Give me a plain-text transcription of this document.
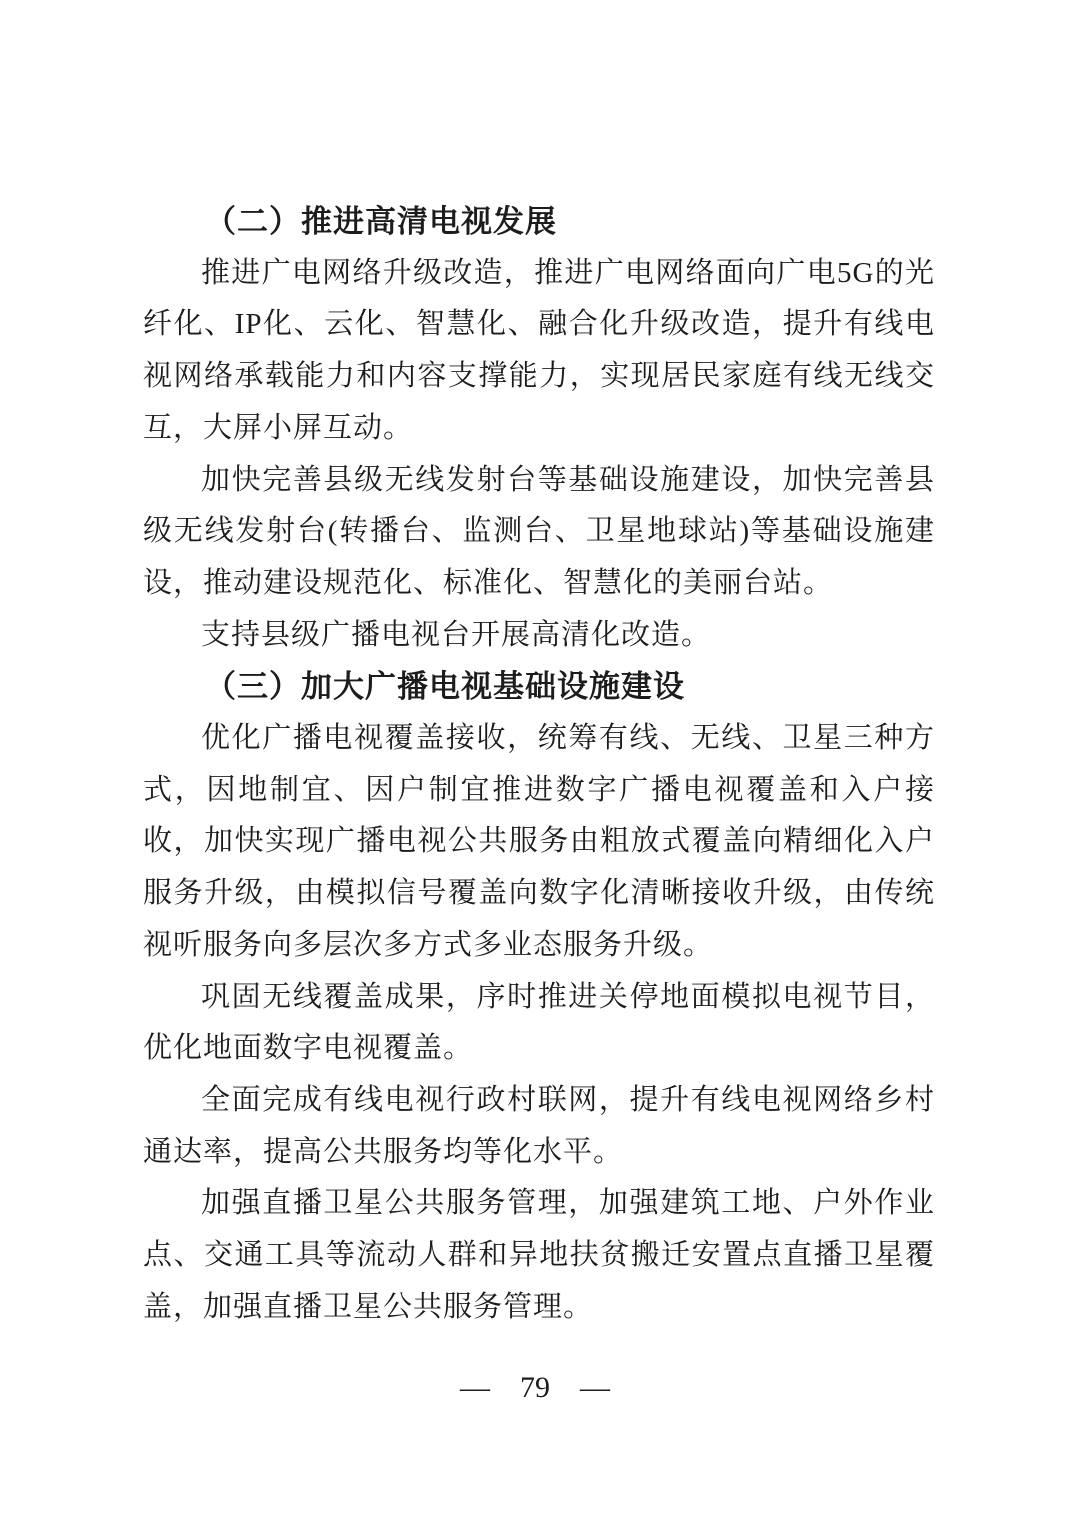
（二）推进高清电视发展

推进广电网络升级改造，推进广电网络面向广电5G的光纤化、IP化、云化、智慧化、融合化升级改造，提升有线电视网络承载能力和内容支撑能力，实现居民家庭有线无线交互，大屏小屏互动。

加快完善县级无线发射台等基础设施建设，加快完善县级无线发射台(转播台、监测台、卫星地球站)等基础设施建设，推动建设规范化、标准化、智慧化的美丽台站。

支持县级广播电视台开展高清化改造。

（三）加大广播电视基础设施建设

优化广播电视覆盖接收，统筹有线、无线、卫星三种方式，因地制宜、因户制宜推进数字广播电视覆盖和入户接收，加快实现广播电视公共服务由粗放式覆盖向精细化入户服务升级，由模拟信号覆盖向数字化清晰接收升级，由传统视听服务向多层次多方式多业态服务升级。

巩固无线覆盖成果，序时推进关停地面模拟电视节目，优化地面数字电视覆盖。

全面完成有线电视行政村联网，提升有线电视网络乡村通达率，提高公共服务均等化水平。

加强直播卫星公共服务管理，加强建筑工地、户外作业点、交通工具等流动人群和异地扶贫搬迁安置点直播卫星覆盖，加强直播卫星公共服务管理。

— 79 —
